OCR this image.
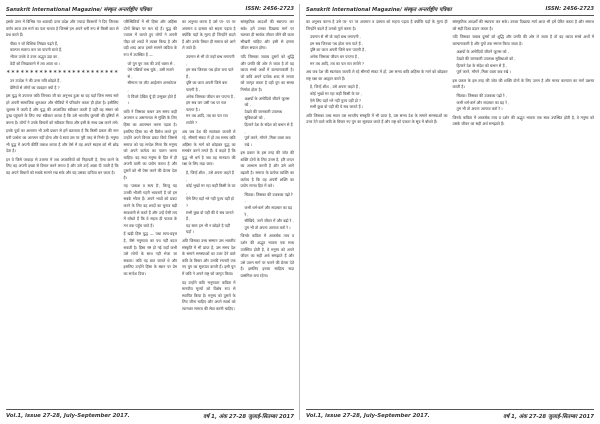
Sanskrit International Magazine/ संस्कृत अन्तर्राष्ट्रीय पत्रिका	ISSN: 2456-2723
इसके उत्तर में विभिन्न गत शताब्दी उत्तर प्रदेश और ज्यादा किसानों ने दिए जिनका वर्णन आज उस मार्ग का पता चलता है जिससे हम अपने धनी रूप से किसी बात से प्रश्न करते हैं।
पीछा न जो ग्रिशिक लिखत पढ़ते हैं,
काल्पन स्वरूप कन जा पायनी घरते हैं,
भीतर उनके वे उत्तर अद्भुत उड़ा का ,
वेदी को लिखाकरने में तब आता था ।
∗∗∗∗∗∗∗∗∗∗∗∗∗∗∗∗∗∗∗∗∗∗∗∗
उन उपदेश ने की उत्तर रात्रि छोड़ते हैं ,
प्रेमियों से लोगों का व्यवहार क्यों है ?
इस युद्ध से उपरान्त कवि जिनका जी का अनुभव हुआ था वह यहाँ जिस समय सारे हरे अपनी सामाजिक शुरुआत और चीत्रियों में परिवर्तन करता ही होता है। इसीलिए जुलस्त्र में जाती है और युद्ध की अपराजित स्वीकार करती है वहीं वह संसार को दुःख पहुंचाने के लिए नया स्वीकार करता है कि उसे भारतीय कुमारी की दृष्टियों से बचना है। लोगों ने उनके विचारों को स्वीकार किया और इसी के साथ प्रश्न करने लगे।
इनके पुत्रों का आचरण भी उसी प्रकार से हमें बतलाता है कि किसी प्रकार की नाम घनी प्रार्थना का आगमन नहीं होगा और वे स्वयं उस पर पूरी तरह से निर्भर हैं। मनुष्य भी युद्ध में अपनी कीर्ति तलाश करता है और ऐसे में वह अपने साहस को भी छोड़ देता है।
इन वे जिसे परवाहा से उत्तरण में जब अपराधियों को निहायती है, ऐसा करने के लिए वह अपनी इच्छा से विचार करने लगता है और उसे उन्हें आज्ञा दी जाती है कि वह अपने विचारों को सबके सामने रख सके और यह उसका दायित्व बन जाता है।
परिस्थितियों में भी हिंसा और अहिंसा दोनों शिखर पर चल रहे हैं। युद्ध की ज्वाला में जलते हुए लोगों ने अपनी पीड़ा को शब्दों में व्यक्त किया है और वही शब्द आज हमारे सामने कविता के रूप में उपस्थित हैं —
जो युग युग तक की उन्हें ध्वस्त से ,
ऐसे पंछियों बन्ध चुके , उसी सजने से ,
सीमाना पर लौट आईलांग अनकोटल ,
ये पिंजरे देखिए यूँ ही उन्मुक्त होते हैं ।
कवि ने जिसका कथन उस समय कही अपमान व असमानता से मुक्ति के लिए हिंसा का आलम्बन करना पड़ता है। इसलिए हिंसा का भी विरोध करते हुए उन्होंने अपने विचार प्रकट किये जिससे समाज को यह सन्देश मिला कि मनुष्य को अपने कर्तव्य का पालन करना चाहिए। वह सदा मनुष्य के हित में ही अपनी वाणी का प्रयोग करता है और दूसरों को भी ऐसा करने की प्रेरणा देता है।
यह 'प्रकाश व सत्य है', किन्तु यह उनकी भीतरी गहरी भावनाएँ हैं जो हम सबके भीतर हैं। अपने भावों को प्रकट करने के लिए वह शब्दों का चुनाव बड़ी सावधानी से करते हैं और उन्हें ऐसी लय में बाँधते हैं कि वे सहज ही पाठक के मन तक पहुँच जाते हैं।
हैं खड़ी हिंस युद्ध — यथा सत्य-प्रवृत्त है, जैसे मनुष्यता का पथ नहीं बदल सकती है। हिंसा नष्ट हो गई जहाँ कभी उसे लोगों के साथ नहीं भेजा जा सकता। कवि यह बात जानते थे और इसलिए उन्होंने हिंसा के स्थान पर प्रेम का सन्देश दिया।
का अनुभव करना है उसे पर- पर पर अपमान व दासता को सहना पड़ता है क्योंकि यहाँ के मूल्य ही जिन्होंने बदले हैं और उनके विचार ही समाज को आगे ले जाते हैं।
उपमान से भी वो जहाँ बन्ध लगाएगी ,
हम सब जिनका पथ होता बना पाते हैं ,
दृष्टि का जाल अपनी जिसे बना पाएगी है ,
अनेक जिसका जीवन बन पाएगा है ,
हम सब जग उसी पथ पर चल पाएगा है ।
मन तब आदि, तब का पल रात लायेगे ?
अब जब देश की स्वतंत्रता जलती ले रहे, सीमाएँ संकट में हों तब समय कवि अहिंसा के मार्ग को छोड़कर युद्ध का समर्थन करने लगते हैं। वे कहते हैं कि युद्ध भी धर्म है जब वह मानवता की रक्षा के लिए लड़ा जाए।
है, जिन्हें शीश , उसे अपना कहते हैं ,
कोई भूखों मर रहा कहीं किसी के घर ,
ऐसे लिए वहाँ भरे नहीं पूज्य वहीं हो ?
सभी कुछ वो यहीं की ये सब जानते हैं ,
यह सारा हम भी न छोड़ते है यहीं यहाँ ।
अति जिसका उच्च सम्मान उस भारतीय संस्कृति में भी प्राप्त है, उस समय देश के समाने समस्याओं का उत्तर देने वाले कवि के विचार और उनकी रचनाएँ एक नए युग का सूत्रपात करती हैं। इसी युग में कवि ने अपने राष्ट्र को जागृत किया।
यह उन्होंने कवि 'मनुष्यता' कविता में मानवीय मूल्यों को विशेष रूप से स्थापित किया है। मनुष्य को दूसरों के लिए जीना चाहिए और अपने स्वार्थ को त्यागकर समाज की सेवा करनी चाहिए।
सांस्कृतिक आदर्शों की स्थापना कर सके। हमें उनका दिखाया मार्ग पर चलकर ही सार्थक जीवन जीने की कला सीखनी चाहिए और इसी से हमारा जीवन सफल होगा।
यदि जिसका जवाब दूसरों को शुद्धि और प्रगति की ओर ले जाता है तो वह काव्य सच्चे अर्थों में कल्याणकारी है। जो कवि अपने प्रत्येक शब्द से जनता को जागृत करता है वही युग का सच्चा निर्माता होता है।
अक्षयों के अमोदियो जीतने जुलस को ,
देखते की जानकारी उपलब्ध सुविधाओ को ,
हितरने देश के संदेश को बन्धन से हैं ,
पूर्ण करने, माँगने ,मिला वाला कब रखे ।
इस प्रकार के इस तरह की जोत की शक्ति दोनों के लिए उत्तम है, हरि वन्दन का आभास करती है और उसे आगे बढ़ाती है। समाज के प्रत्येक व्यक्ति का कर्तव्य है कि वह अपनी शक्ति का प्रयोग मानव हित में करे।
चिंतवा। जिसका की उजबका पढ़ो रे ,
कभी धर्म-कर्म और सदाचार का ग्रह रे ,
सीखिये, जानें जीवन में और बढ़ो रे ,
तुम भी तो अपना आगाज करो रे ।
जिनके कविता में आकर्षक तत्त्व व दर्शन की अद्भुत भावना एक साथ उपस्थित होती है, वे मनुष्य को अपने जीवन का सही अर्थ समझाते हैं और उसे उत्तम मार्ग पर चलने की प्रेरणा देते हैं। इसलिए इनका साहित्य सदा प्रासंगिक बना रहेगा।
Vol.1, issue 27-28, July-September 2017.	वर्ष 1, अंक 27-28 जुलाई-सितम्बर 2017
Sanskrit International Magazine/ संस्कृत अन्तर्राष्ट्रीय पत्रिका	ISSN: 2456-2723
का अनुभव करना है उसे पर- पर पर अपमान व दासता को सहना पड़ता है क्योंकि यहाँ के मूल्य ही जिन्होंने बदले हैं उनको पूर्ण करना है।
उपमान से भी वो जहाँ बन्ध लगाएगी ,
हम सब जिनका पथ होता बना पाते हैं ,
दृष्टि का जाल अपनी जिसे बना पाएगी है ,
अनेक जिसका जीवन बन पाएगा है ,
मन तब आदि, तब का पल रात लायेगे ?
अब जब देश की स्वतंत्रता जलती ले रहे सीमाएँ संकट में हों, उस समय कवि अहिंसा के मार्ग को छोड़कर राष्ट्र रक्षा का आह्वान करते हैं।
है, जिन्हें शीश , उसे अपना कहते हैं ,
कोई भूखों मर रहा कहीं किसी के घर ,
ऐसे लिए वहाँ भरे नहीं पूज्य वहीं हो ?
सभी कुछ वो यहीं की ये सब जानते हैं ।
अति जिसका उच्च स्थान उस भारतीय संस्कृति में भी प्राप्त है, उस समय देश के समाने समस्याओं का उत्तर देने वाले कवि के विचार नए युग का सूत्रपात करते हैं और राष्ट्र को एकता के सूत्र में बाँधते हैं।
सांस्कृतिक आदर्शों की स्थापना कर सके। उनका दिखाया मार्ग आज भी हमें प्रेरित करता है और समाज को सही दिशा प्रदान करता है।
यदि जिसका जवाब दूसरों को शुद्धि और प्रगति की ओर ले जाता है तो वह काव्य सच्चे अर्थों में कल्याणकारी है और युगों तक स्मरण किया जाता है।
अक्षयों के अमोदियो जीतने जुलस को ,
देखते की जानकारी उपलब्ध सुविधाओ को ,
हितरने देश के संदेश को बन्धन से हैं ,
पूर्ण करने, माँगने ,मिला वाला कब रखे ।
इस प्रकार के इस तरह की जोत की शक्ति दोनों के लिए उत्तम है और मानव कल्याण का मार्ग प्रशस्त करती है।
चिंतवा। जिसका की उजबका पढ़ो रे ,
कभी धर्म-कर्म और सदाचार का ग्रह रे ,
तुम भी तो अपना आगाज करो रे ।
जिनके कविता में आकर्षक तत्त्व व दर्शन की अद्भुत भावना एक साथ उपस्थित होती है, वे मनुष्य को उसके जीवन का सही अर्थ समझाते हैं।
Vol.1, issue 27-28, July-September 2017.	वर्ष 1, अंक 27-28 जुलाई-सितम्बर 2017
